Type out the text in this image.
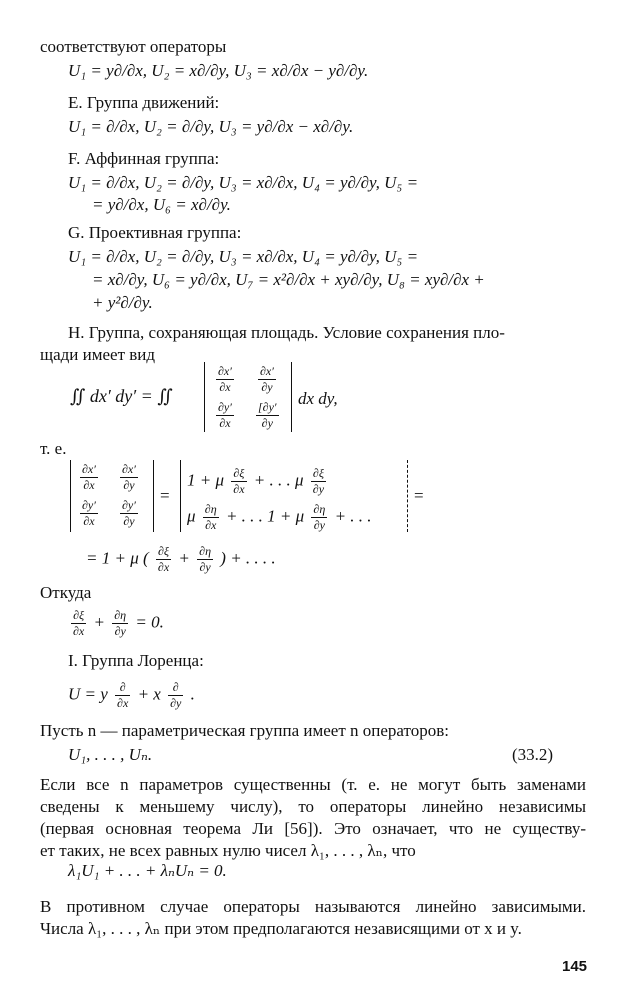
соответствуют операторы
U₁ = y∂/∂x, U₂ = x∂/∂y, U₃ = x∂/∂x − y∂/∂y.
E. Группа движений:
U₁ = ∂/∂x, U₂ = ∂/∂y, U₃ = y∂/∂x − x∂/∂y.
F. Аффинная группа:
U₁ = ∂/∂x, U₂ = ∂/∂y, U₃ = x∂/∂x, U₄ = y∂/∂y, U₅ =
= y∂/∂x, U₆ = x∂/∂y.
G. Проективная группа:
U₁ = ∂/∂x, U₂ = ∂/∂y, U₃ = x∂/∂x, U₄ = y∂/∂y, U₅ =
= x∂/∂y, U₆ = y∂/∂x, U₇ = x²∂/∂x + xy∂/∂y, U₈ = xy∂/∂x +
+ y²∂/∂y.
H. Группа, сохраняющая площадь. Условие сохранения пло-
щади имеет вид
∬ dx′ dy′ = ∬
$\frac{\partial x'}{\partial x} \frac{\partial x'}{\partial y}$
$\frac{\partial y'}{\partial x} \frac{[\partial y'}{\partial y}$
dx dy,
т. е.
$\frac{\partial x'}{\partial x} \frac{\partial x'}{\partial y}$
$\frac{\partial y'}{\partial x} \frac{\partial y'}{\partial y}$
=
1 + μ $\frac{\partial\xi}{\partial x}$ + . . . μ $\frac{\partial\xi}{\partial y}$
μ $\frac{\partial\eta}{\partial x}$ + . . . 1 + μ $\frac{\partial\eta}{\partial y}$ + . . .
=
= 1 + μ ( $\frac{\partial\xi}{\partial x} + \frac{\partial\eta}{\partial y}$ ) + . . . .
Откуда
$\frac{\partial\xi}{\partial x} + \frac{\partial\eta}{\partial y} = 0$.
I. Группа Лоренца:
U = y $\frac{\partial}{\partial x} + x \frac{\partial}{\partial y}$ .
Пусть n — параметрическая группа имеет n операторов:
U₁, . . . , Uₙ.	(33.2)
Если все n параметров существенны (т. е. не могут быть заменами
сведены к меньшему числу), то операторы линейно независимы
(первая основная теорема Ли [56]). Это означает, что не существу-
ет таких, не всех равных нулю чисел λ₁, . . . , λₙ, что
λ₁U₁ + . . . + λₙUₙ = 0.
В противном случае операторы называются линейно зависимыми.
Числа λ₁, . . . , λₙ при этом предполагаются независящими от x и y.
145
